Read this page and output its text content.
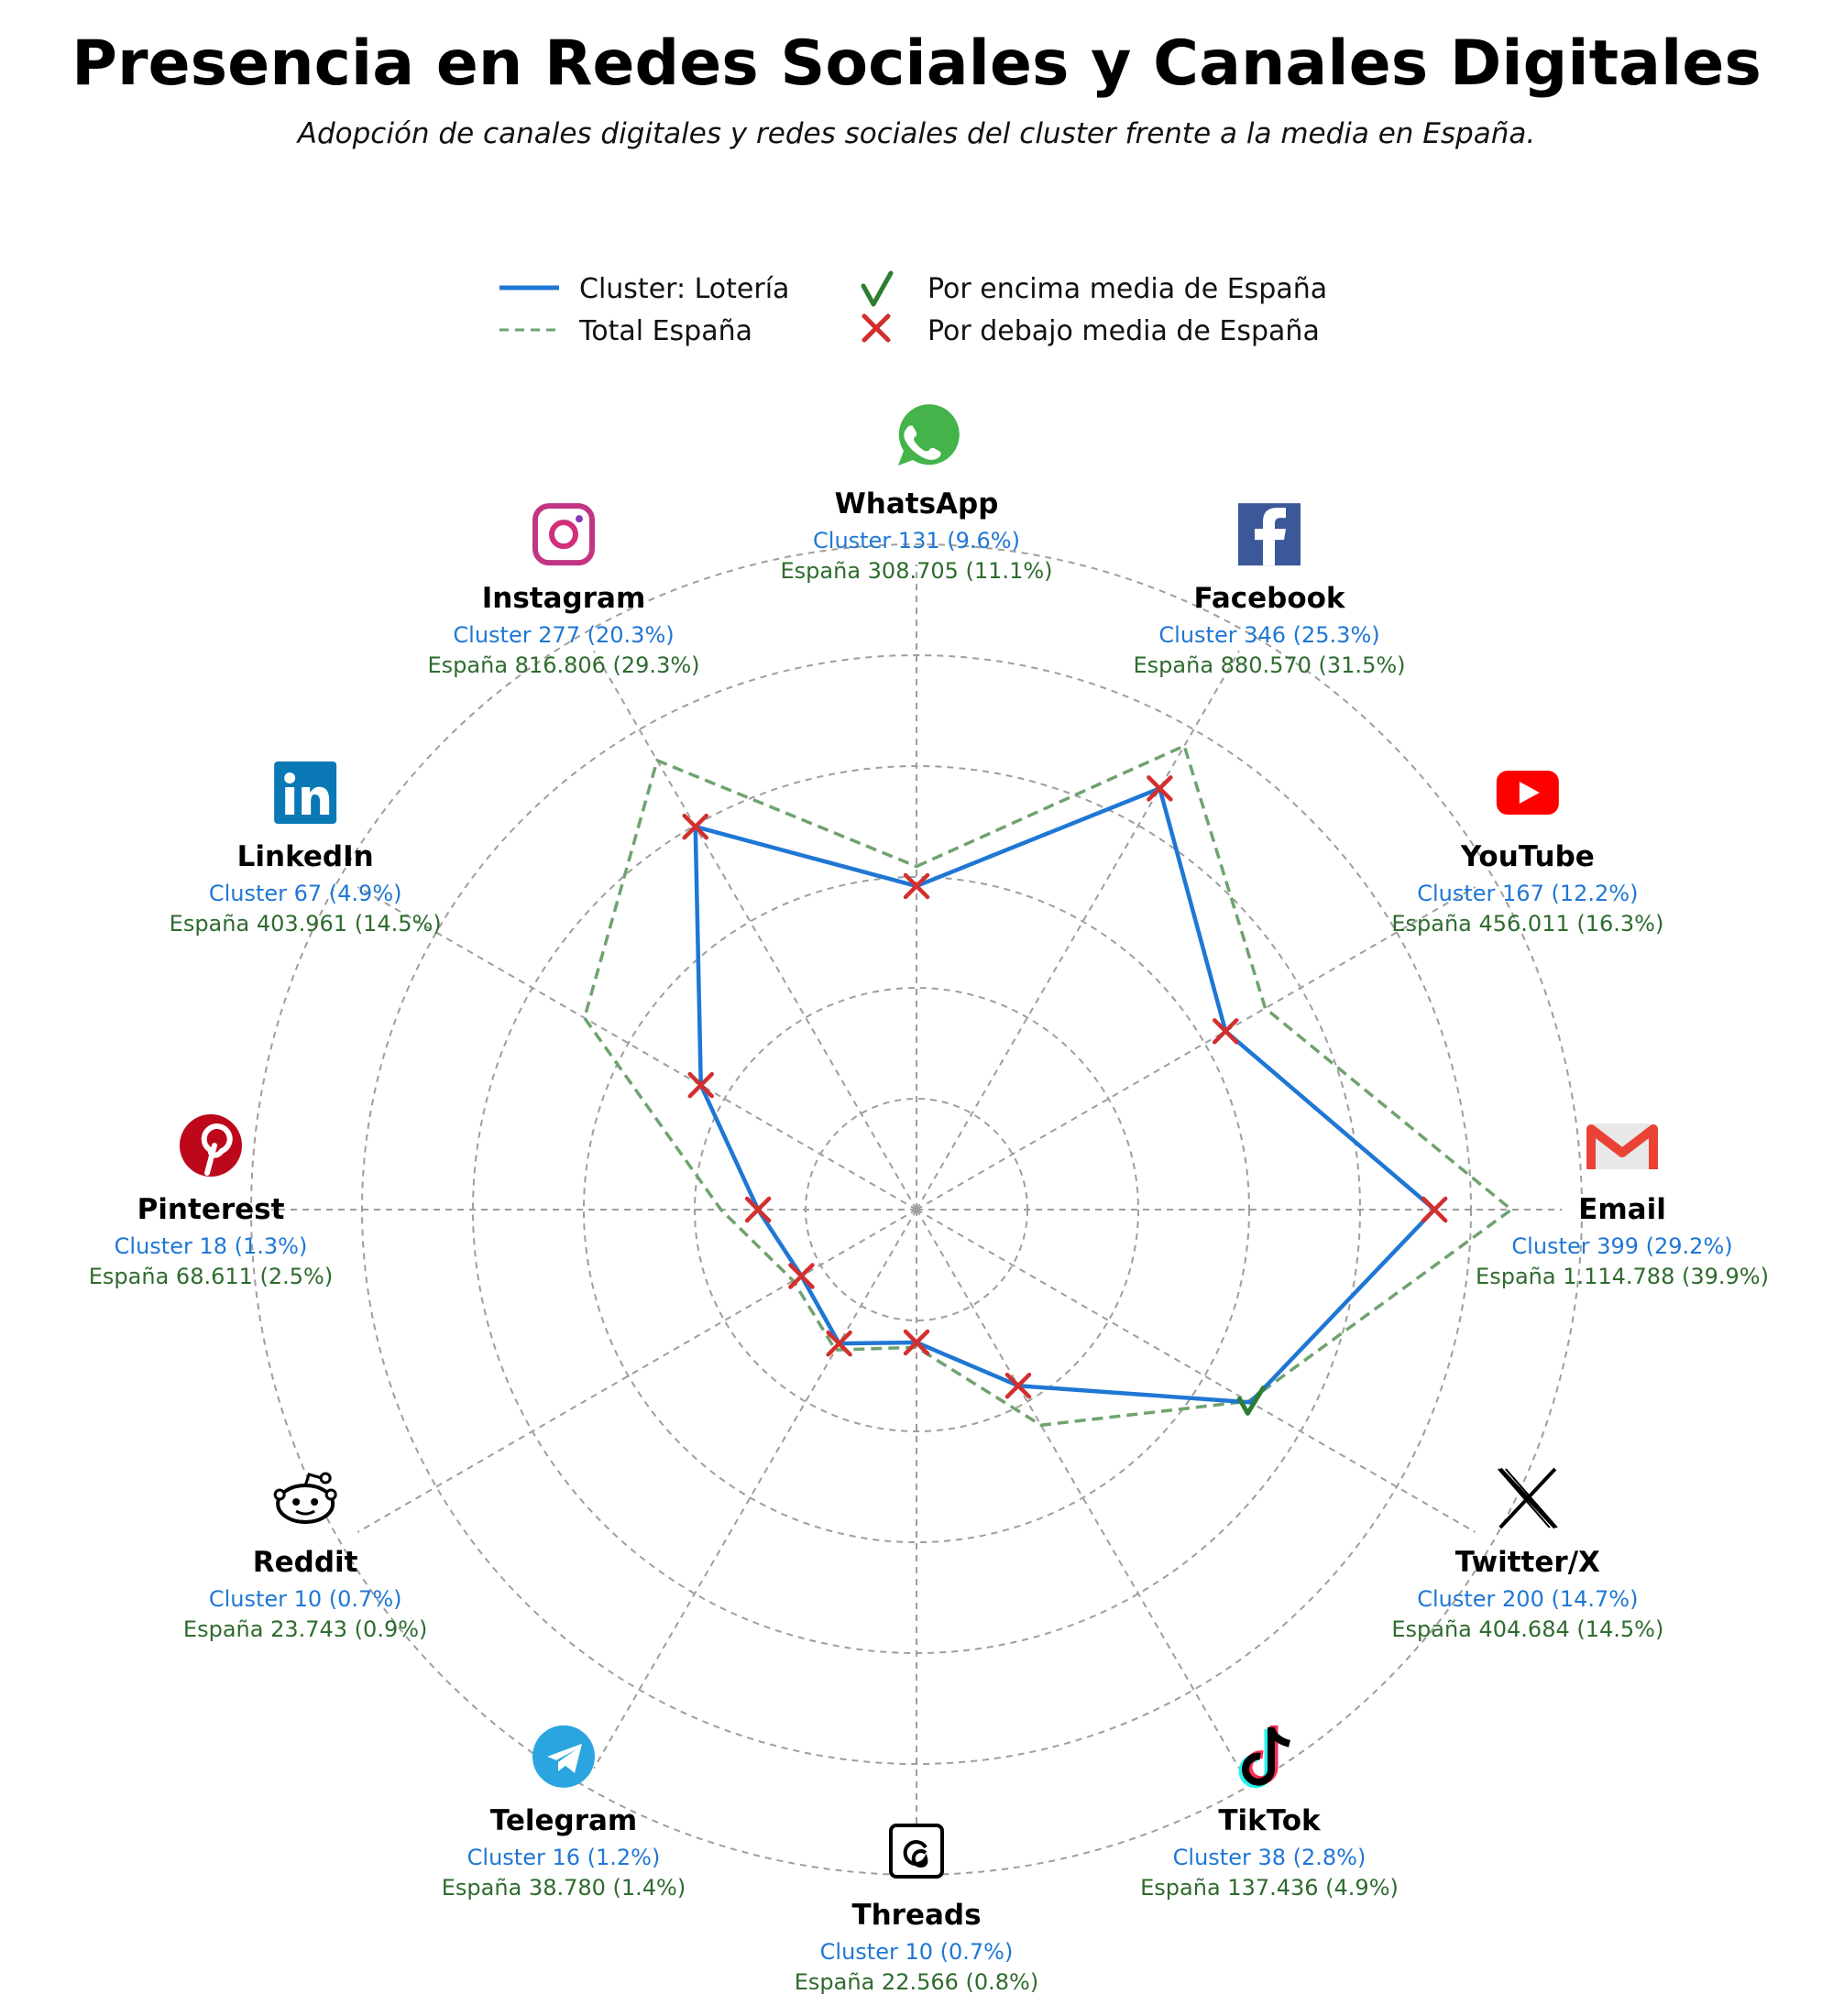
Presencia en Redes Sociales y Canales Digitales

Adopción de canales digitales y redes sociales del cluster frente a la media en España.

Cluster: Lotería
Total España
Por encima media de España
Por debajo media de España
WhatsApp
Cluster 131 (9.6%)
España 308.705 (11.1%)
Facebook
Cluster 346 (25.3%)
España 880.570 (31.5%)
YouTube
Cluster 167 (12.2%)
España 456.011 (16.3%)
Email
Cluster 399 (29.2%)
España 1.114.788 (39.9%)
Twitter/X
Cluster 200 (14.7%)
España 404.684 (14.5%)
TikTok
Cluster 38 (2.8%)
España 137.436 (4.9%)
Threads
Cluster 10 (0.7%)
España 22.566 (0.8%)
Telegram
Cluster 16 (1.2%)
España 38.780 (1.4%)
Reddit
Cluster 10 (0.7%)
España 23.743 (0.9%)
Pinterest
Cluster 18 (1.3%)
España 68.611 (2.5%)
LinkedIn
Cluster 67 (4.9%)
España 403.961 (14.5%)
Instagram
Cluster 277 (20.3%)
España 816.806 (29.3%)
